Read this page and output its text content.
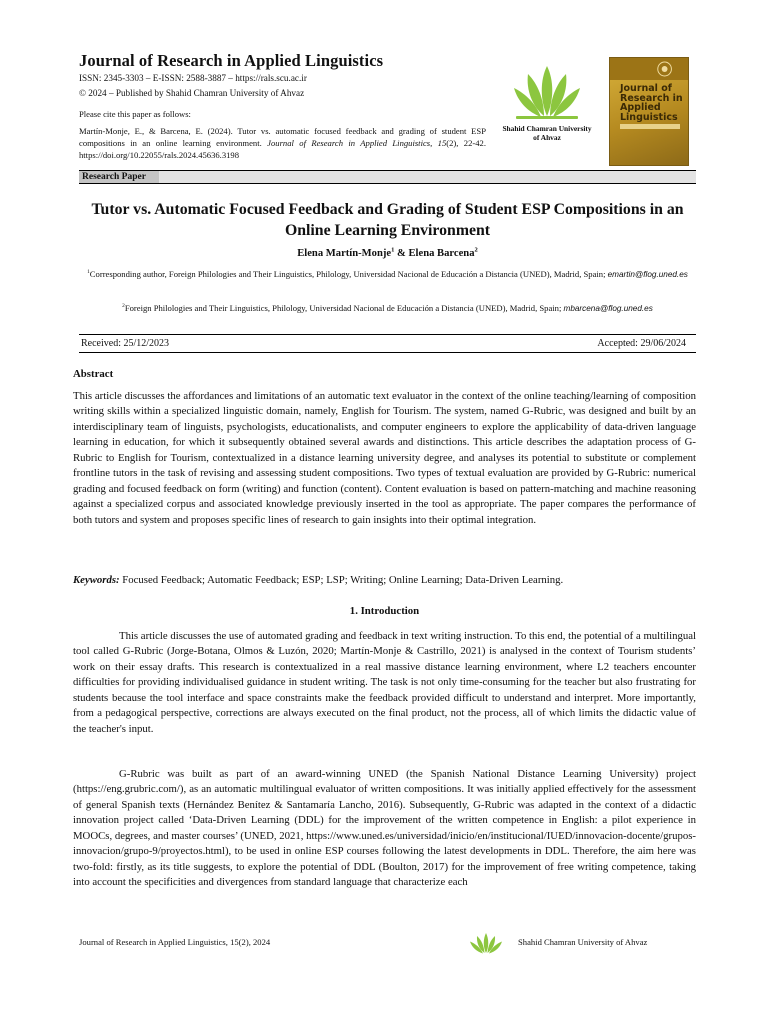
Journal of Research in Applied Linguistics
ISSN: 2345-3303 – E-ISSN: 2588-3887 – https://rals.scu.ac.ir
© 2024 – Published by Shahid Chamran University of Ahvaz

Please cite this paper as follows:

Martín-Monje, E., & Barcena, E. (2024). Tutor vs. automatic focused feedback and grading of student ESP compositions in an online learning environment. Journal of Research in Applied Linguistics, 15(2), 22-42. https://doi.org/10.22055/rals.2024.45636.3198

Shahid Chamran University of Ahvaz
Journal of Research in Applied Linguistics
Research Paper
Tutor vs. Automatic Focused Feedback and Grading of Student ESP Compositions in an Online Learning Environment
Elena Martín-Monje$^1$ & Elena Barcena$^2$
$^1$Corresponding author, Foreign Philologies and Their Linguistics, Philology, Universidad Nacional de Educación a Distancia (UNED), Madrid, Spain; emartin@flog.uned.es
$^2$Foreign Philologies and Their Linguistics, Philology, Universidad Nacional de Educación a Distancia (UNED), Madrid, Spain; mbarcena@flog.uned.es
Received: 25/12/2023	Accepted: 29/06/2024
Abstract

This article discusses the affordances and limitations of an automatic text evaluator in the context of the online teaching/learning of composition writing skills within a specialized linguistic domain, namely, English for Tourism. The system, named G-Rubric, was designed and built by an interdisciplinary team of linguists, psychologists, educationalists, and computer engineers to explore the applicability of data-driven language learning in education, for which it subsequently obtained several awards and distinctions. This article describes the adaptation process of G-Rubric to English for Tourism, contextualized in a distance learning university degree, and analyses its potential to substitute or complement frontline tutors in the task of revising and assessing student compositions. Two types of textual evaluation are provided by G-Rubric: numerical grading and focused feedback on form (writing) and function (content). Content evaluation is based on pattern-matching and machine reasoning against a specialized corpus and associated knowledge previously inserted in the tool as appropriate. The paper compares the performance of both tutors and system and proposes specific lines of research to gain insights into their optimal integration.

Keywords: Focused Feedback; Automatic Feedback; ESP; LSP; Writing; Online Learning; Data-Driven Learning.
1. Introduction

This article discusses the use of automated grading and feedback in text writing instruction. To this end, the potential of a multilingual tool called G-Rubric (Jorge-Botana, Olmos & Luzón, 2020; Martín-Monje & Castrillo, 2021) is analysed in the context of Tourism students’ work on their essay drafts. This research is contextualized in a real massive distance learning environment, where L2 teachers encounter difficulties for providing individualised guidance in student writing. The task is not only time-consuming for the teacher but also frustrating for students because the tool interface and space constraints make the feedback provided difficult to understand and interpret. More importantly, from a pedagogical perspective, corrections are always executed on the final product, not the process, all of which limits the didactic value of the teacher's input.

G-Rubric was built as part of an award-winning UNED (the Spanish National Distance Learning University) project (https://eng.grubric.com/), as an automatic multilingual evaluator of written compositions. It was initially applied effectively for the assessment of general Spanish texts (Hernández Benítez & Santamaría Lancho, 2016). Subsequently, G-Rubric was adapted in the context of a didactic innovation project called ‘Data-Driven Learning (DDL) for the improvement of the written competence in English: a pilot experience in MOOCs, degrees, and master courses’ (UNED, 2021, https://www.uned.es/universidad/inicio/en/institucional/IUED/innovacion-docente/grupos-innovacion/grupo-9/proyectos.html), to be used in online ESP courses following the latest developments in DDL. Therefore, the aim here was two-fold: firstly, as its title suggests, to explore the potential of DDL (Boulton, 2017) for the improvement of free writing competence, taking into account the specificities and divergences from standard language that characterize each

Journal of Research in Applied Linguistics, 15(2), 2024	Shahid Chamran University of Ahvaz
